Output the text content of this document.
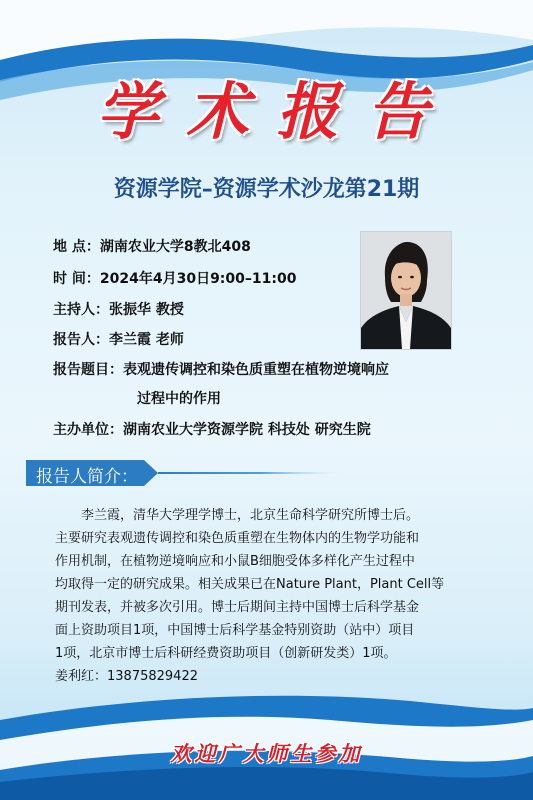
学术报告
资源学院–资源学术沙龙第21期
地 点：湖南农业大学8教北408
时 间：2024年4月30日9:00–11:00
主持人：张振华 教授
报告人：李兰霞 老师
报告题目：表观遗传调控和染色质重塑在植物逆境响应
过程中的作用
主办单位：湖南农业大学资源学院 科技处 研究生院
报告人简介：

　　李兰霞，清华大学理学博士，北京生命科学研究所博士后。

主要研究表观遗传调控和染色质重塑在生物体内的生物学功能和

作用机制，在植物逆境响应和小鼠B细胞受体多样化产生过程中

均取得一定的研究成果。相关成果已在Nature Plant，Plant Cell等

期刊发表，并被多次引用。博士后期间主持中国博士后科学基金

面上资助项目1项，中国博士后科学基金特别资助（站中）项目

1项，北京市博士后科研经费资助项目（创新研发类）1项。

姜利红：13875829422

欢迎广大师生参加
